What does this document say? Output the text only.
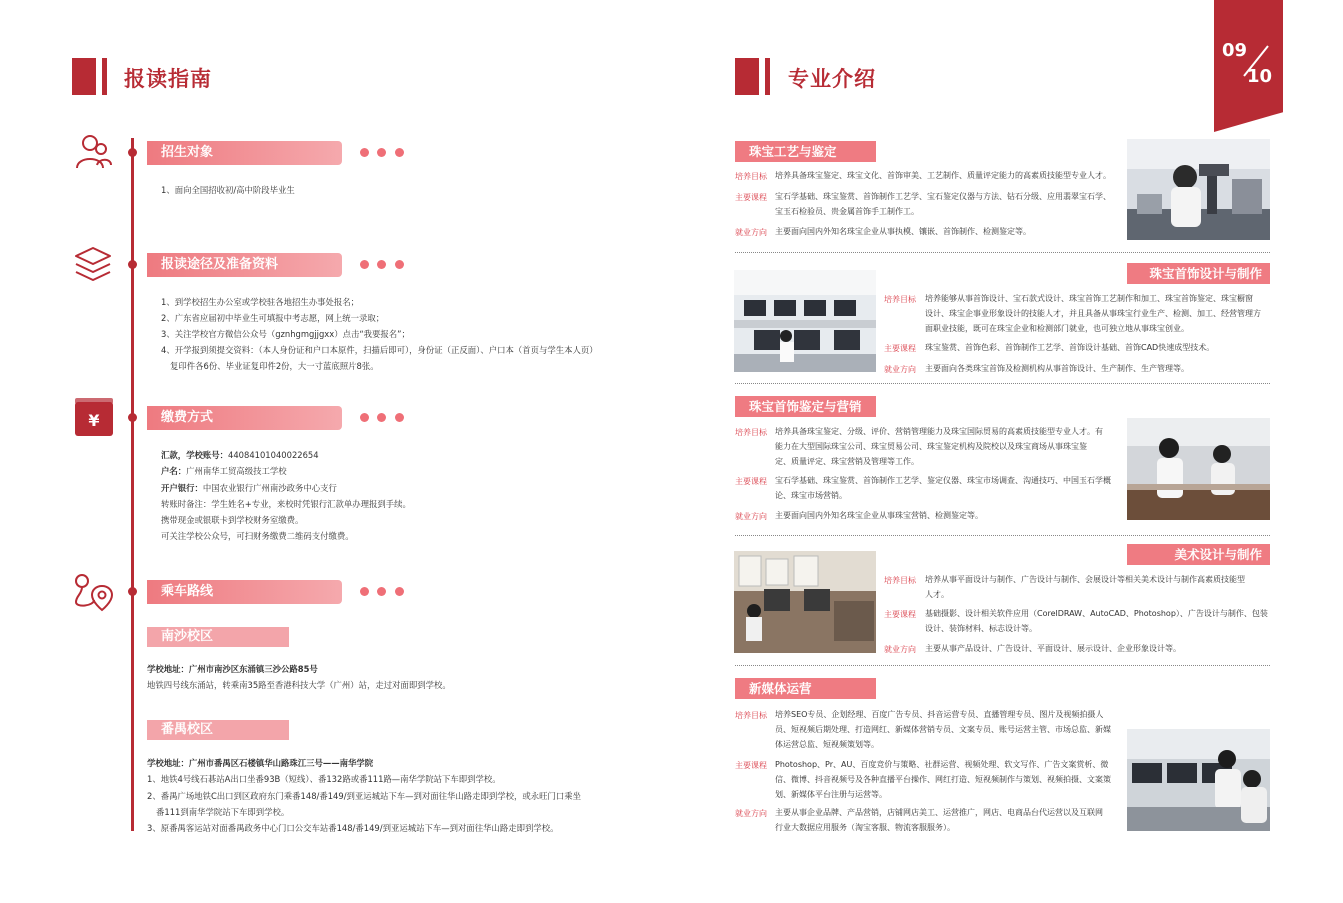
报读指南
招生对象
1、面向全国招收初/高中阶段毕业生
报读途径及准备资料
1、到学校招生办公室或学校驻各地招生办事处报名；
2、广东省应届初中毕业生可填报中考志愿，网上统一录取；
3、关注学校官方微信公众号（gznhgmgjjgxx）点击“我要报名”；
4、开学报到须提交资料：（本人身份证和户口本原件，扫描后即可），身份证（正反面）、户口本（首页与学生本人页）
复印件各6份、毕业证复印件2份，大一寸蓝底照片8张。
¥	缴费方式
汇款，学校账号：44084101040022654
户名：广州南华工贸高级技工学校
开户银行：中国农业银行广州南沙政务中心支行
转账时备注：学生姓名+专业，来校时凭银行汇款单办理报到手续。
携带现金或银联卡到学校财务室缴费。
可关注学校公众号，可扫财务缴费二维码支付缴费。
乘车路线
南沙校区
学校地址：广州市南沙区东涌镇三沙公路85号
地铁四号线东涌站，转乘南35路至香港科技大学（广州）站，走过对面即到学校。
番禺校区
学校地址：广州市番禺区石楼镇华山路珠江三号——南华学院
1、地铁4号线石碁站A出口坐番93B（短线）、番132路或番111路—南华学院站下车即到学校。
2、番禺广场地铁C出口到区政府东门乘番148/番149/到亚运城站下车—到对面往华山路走即到学校，或永旺门口乘坐
番111到南华学院站下车即到学校。
3、原番禺客运站对面番禺政务中心门口公交车站番148/番149/到亚运城站下车—到对面往华山路走即到学校。
专业介绍
09
10
珠宝工艺与鉴定
培养目标 培养具备珠宝鉴定、珠宝文化、首饰审美、工艺制作、质量评定能力的高素质技能型专业人才。
主要课程 宝石学基础、珠宝鉴赏、首饰制作工艺学、宝石鉴定仪器与方法、钻石分级、应用翡翠宝石学、
宝玉石检验员、贵金属首饰手工制作工。
就业方向 主要面向国内外知名珠宝企业从事执模、镶嵌、首饰制作、检测鉴定等。
珠宝首饰设计与制作
培养目标 培养能够从事首饰设计、宝石款式设计、珠宝首饰工艺制作和加工、珠宝首饰鉴定、珠宝橱窗
设计、珠宝企事业形象设计的技能人才，并且具备从事珠宝行业生产、检测、加工、经营管理方
面职业技能，既可在珠宝企业和检测部门就业，也可独立地从事珠宝创业。
主要课程 珠宝鉴赏、首饰色彩、首饰制作工艺学、首饰设计基础、首饰CAD快速成型技术。
就业方向 主要面向各类珠宝首饰及检测机构从事首饰设计、生产制作、生产管理等。
珠宝首饰鉴定与营销
培养目标 培养具备珠宝鉴定、分级、评价、营销管理能力及珠宝国际贸易的高素质技能型专业人才。有
能力在大型国际珠宝公司、珠宝贸易公司、珠宝鉴定机构及院校以及珠宝商场从事珠宝鉴
定、质量评定、珠宝营销及管理等工作。
主要课程 宝石学基础、珠宝鉴赏、首饰制作工艺学、鉴定仪器、珠宝市场调查、沟通技巧、中国玉石学概
论、珠宝市场营销。
就业方向 主要面向国内外知名珠宝企业从事珠宝营销、检测鉴定等。
美术设计与制作
培养目标 培养从事平面设计与制作、广告设计与制作、会展设计等相关美术设计与制作高素质技能型
人才。
主要课程 基础摄影、设计相关软件应用（CorelDRAW、AutoCAD、Photoshop）、广告设计与制作、包装
设计、装饰材料、标志设计等。
就业方向 主要从事产品设计、广告设计、平面设计、展示设计、企业形象设计等。
新媒体运营
培养目标 培养SEO专员、企划经理、百度广告专员、抖音运营专员、直播管理专员、图片及视频拍摄人
员、短视频后期处理、打造网红、新媒体营销专员、文案专员、账号运营主管、市场总监、新媒
体运营总监、短视频策划等。
主要课程 Photoshop、Pr、AU、百度竞价与策略、社群运营、视频处理、软文写作、广告文案赏析、微
信、微博、抖音视频号及各种直播平台操作、网红打造、短视频制作与策划、视频拍摄、文案策
划、新媒体平台注册与运营等。
就业方向 主要从事企业品牌、产品营销，店铺网店美工、运营推广，网店、电商品台代运营以及互联网
行业大数据应用服务（淘宝客服、物流客服服务）。
